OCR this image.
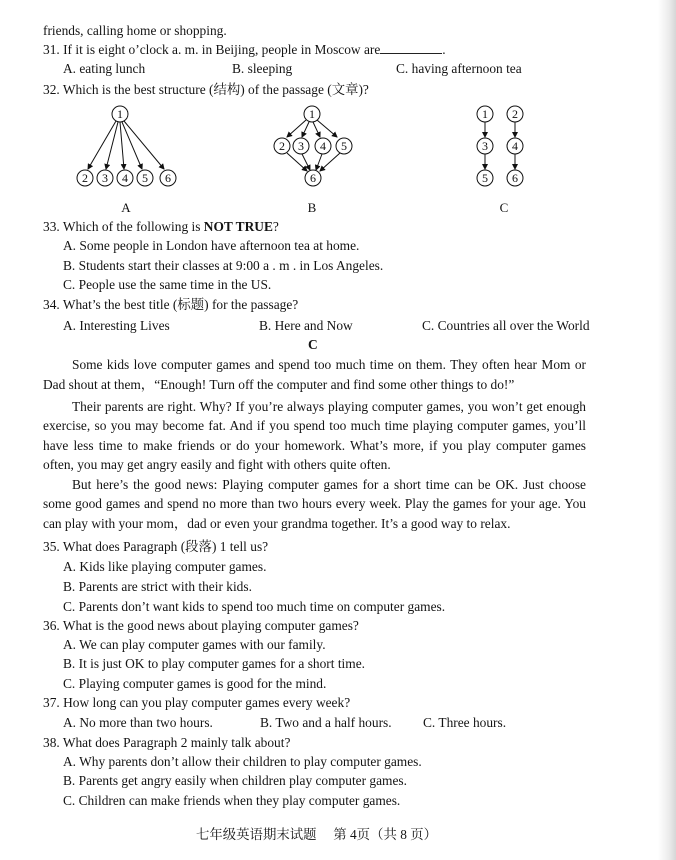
friends, calling home or shopping.
31. If it is eight o’clock a. m. in Beijing, people in Moscow are	.
A. eating lunch	B. sleeping	C. having afternoon tea
32. Which is the best structure (结构) of the passage (文章)?
1
2 3 4 5 6
1
2 3 4 5
6
1 2
3 4
5 6
A	B	C
33. Which of the following is NOT TRUE?
A. Some people in London have afternoon tea at home.
B. Students start their classes at 9:00 a . m . in Los Angeles.
C. People use the same time in the US.
34. What’s the best title (标题) for the passage?
A. Interesting Lives	B. Here and Now	C. Countries all over the World
C
Some kids love computer games and spend too much time on them. They often hear Mom or
Dad shout at them，“Enough! Turn off the computer and find some other things to do!”
Their parents are right. Why? If you’re always playing computer games, you won’t get enough
exercise, so you may become fat. And if you spend too much time playing computer games, you’ll
have less time to make friends or do your homework. What’s more, if you play computer games
often, you may get angry easily and fight with others quite often.
But here’s the good news: Playing computer games for a short time can be OK. Just choose
some good games and spend no more than two hours every week. Play the games for your age. You
can play with your mom，dad or even your grandma together. It’s a good way to relax.
35. What does Paragraph (段落) 1 tell us?
A. Kids like playing computer games.
B. Parents are strict with their kids.
C. Parents don’t want kids to spend too much time on computer games.
36. What is the good news about playing computer games?
A. We can play computer games with our family.
B. It is just OK to play computer games for a short time.
C. Playing computer games is good for the mind.
37. How long can you play computer games every week?
A. No more than two hours.	B. Two and a half hours. C. Three hours.
38. What does Paragraph 2 mainly talk about?
A. Why parents don’t allow their children to play computer games.
B. Parents get angry easily when children play computer games.
C. Children can make friends when they play computer games.
七年级英语期末试题　 第 4页（共 8 页）
